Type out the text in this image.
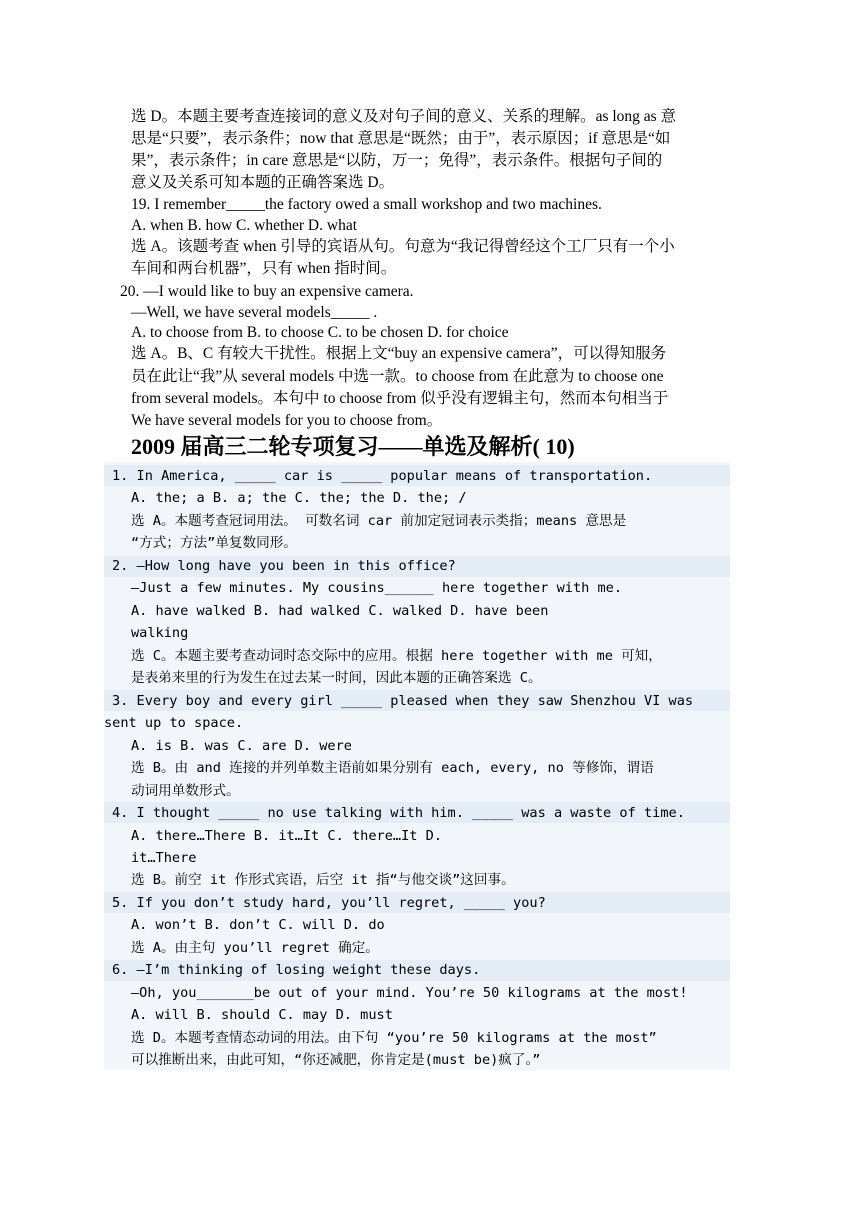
选 D。本题主要考查连接词的意义及对句子间的意义、关系的理解。as long as 意
思是“只要”，表示条件；now that 意思是“既然；由于”，表示原因；if 意思是“如
果”，表示条件；in care 意思是“以防，万一；免得”，表示条件。根据句子间的
意义及关系可知本题的正确答案选 D。
19. I remember_____the factory owed a small workshop and two machines.
A. when B. how C. whether D. what
选 A。该题考查 when 引导的宾语从句。句意为“我记得曾经这个工厂只有一个小
车间和两台机器”，只有 when 指时间。
20. —I would like to buy an expensive camera.
—Well, we have several models_____ .
A. to choose from B. to choose C. to be chosen D. for choice
选 A。B、C 有较大干扰性。根据上文“buy an expensive camera”，可以得知服务
员在此让“我”从 several models 中选一款。to choose from 在此意为 to choose one
from several models。本句中 to choose from 似乎没有逻辑主句，然而本句相当于
We have several models for you to choose from。
2009 届高三二轮专项复习——单选及解析( 10)
1. In America, _____ car is _____ popular means of transportation.
A. the; a B. a; the C. the; the D. the; /
选 A。本题考查冠词用法。 可数名词 car 前加定冠词表示类指；means 意思是
“方式；方法”单复数同形。
2. —How long have you been in this office?
—Just a few minutes. My cousins______ here together with me.
A. have walked B. had walked C. walked D. have been
walking
选 C。本题主要考查动词时态交际中的应用。根据 here together with me 可知，
是表弟来里的行为发生在过去某一时间，因此本题的正确答案选 C。
3. Every boy and every girl _____ pleased when they saw Shenzhou VI was
sent up to space.
A. is B. was C. are D. were
选 B。由 and 连接的并列单数主语前如果分别有 each, every, no 等修饰，谓语
动词用单数形式。
4. I thought _____ no use talking with him. _____ was a waste of time.
A. there…There B. it…It C. there…It D.
it…There
选 B。前空 it 作形式宾语，后空 it 指“与他交谈”这回事。
5. If you don’t study hard, you’ll regret, _____ you?
A. won’t B. don’t C. will D. do
选 A。由主句 you’ll regret 确定。
6. —I’m thinking of losing weight these days.
—Oh, you_______be out of your mind. You’re 50 kilograms at the most!
A. will B. should C. may D. must
选 D。本题考查情态动词的用法。由下句 “you’re 50 kilograms at the most”
可以推断出来，由此可知，“你还减肥，你肯定是(must be)疯了。”
